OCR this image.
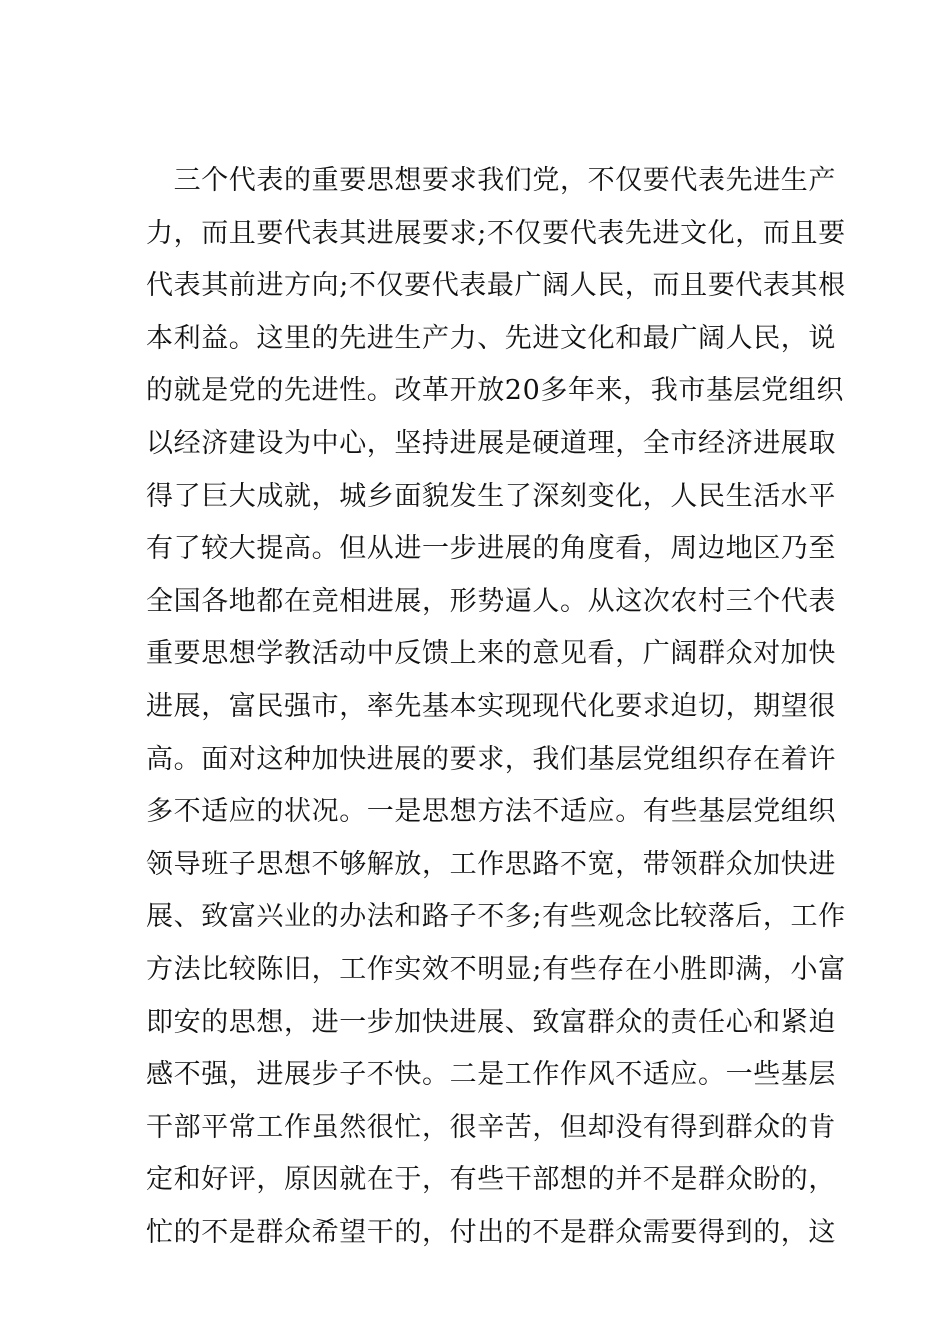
　三个代表的重要思想要求我们党，不仅要代表先进生产
力，而且要代表其进展要求;不仅要代表先进文化，而且要
代表其前进方向;不仅要代表最广阔人民，而且要代表其根
本利益。这里的先进生产力、先进文化和最广阔人民，说
的就是党的先进性。改革开放20多年来，我市基层党组织
以经济建设为中心，坚持进展是硬道理，全市经济进展取
得了巨大成就，城乡面貌发生了深刻变化，人民生活水平
有了较大提高。但从进一步进展的角度看，周边地区乃至
全国各地都在竞相进展，形势逼人。从这次农村三个代表
重要思想学教活动中反馈上来的意见看，广阔群众对加快
进展，富民强市，率先基本实现现代化要求迫切，期望很
高。面对这种加快进展的要求，我们基层党组织存在着许
多不适应的状况。一是思想方法不适应。有些基层党组织
领导班子思想不够解放，工作思路不宽，带领群众加快进
展、致富兴业的办法和路子不多;有些观念比较落后，工作
方法比较陈旧，工作实效不明显;有些存在小胜即满，小富
即安的思想，进一步加快进展、致富群众的责任心和紧迫
感不强，进展步子不快。二是工作作风不适应。一些基层
干部平常工作虽然很忙，很辛苦，但却没有得到群众的肯
定和好评，原因就在于，有些干部想的并不是群众盼的，
忙的不是群众希望干的，付出的不是群众需要得到的，这
